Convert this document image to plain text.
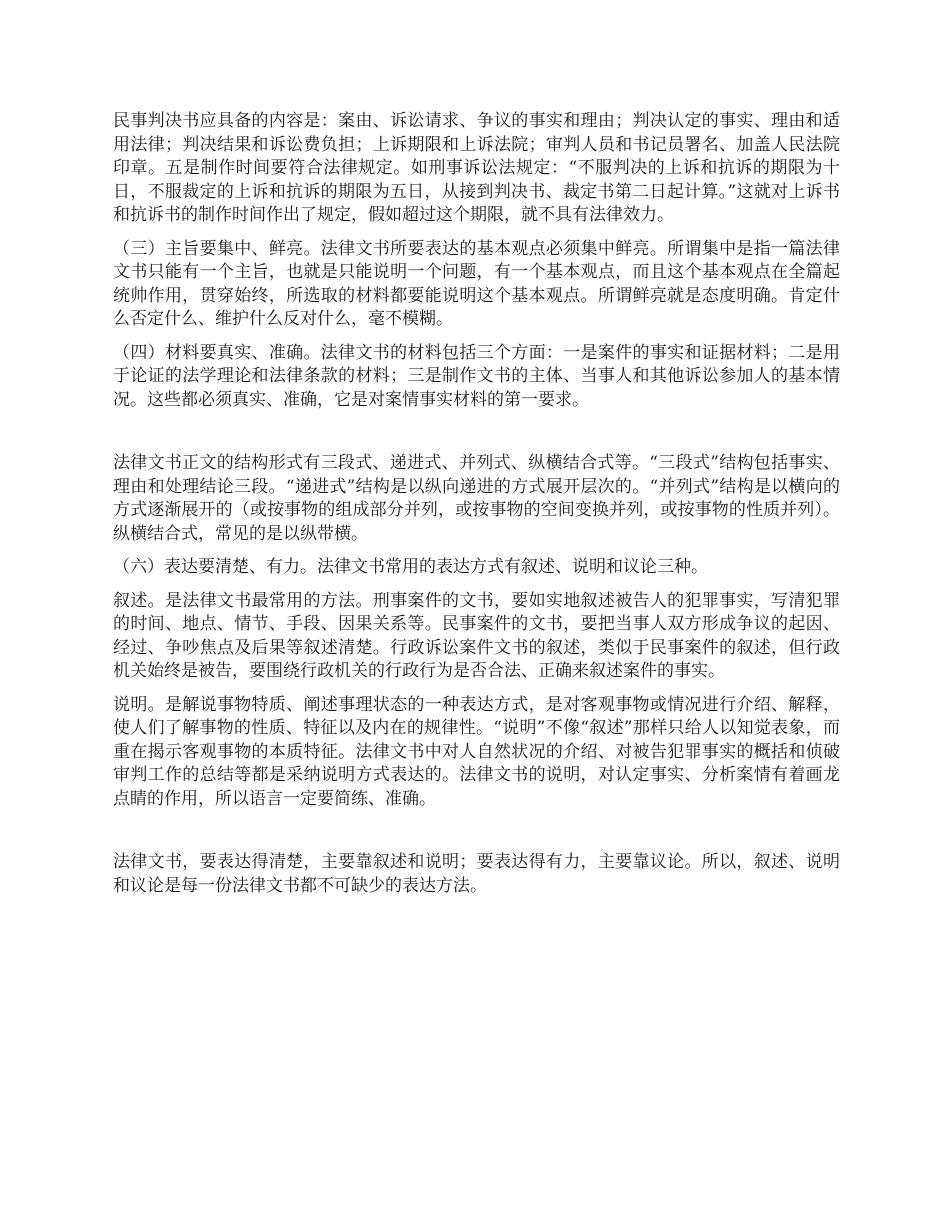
民事判决书应具备的内容是：案由、诉讼请求、争议的事实和理由；判决认定的事实、理由和适用法律；判决结果和诉讼费负担；上诉期限和上诉法院；审判人员和书记员署名、加盖人民法院印章。五是制作时间要符合法律规定。如刑事诉讼法规定：“不服判决的上诉和抗诉的期限为十日，不服裁定的上诉和抗诉的期限为五日，从接到判决书、裁定书第二日起计算。”这就对上诉书和抗诉书的制作时间作出了规定，假如超过这个期限，就不具有法律效力。

（三）主旨要集中、鲜亮。法律文书所要表达的基本观点必须集中鲜亮。所谓集中是指一篇法律文书只能有一个主旨，也就是只能说明一个问题，有一个基本观点，而且这个基本观点在全篇起统帅作用，贯穿始终，所选取的材料都要能说明这个基本观点。所谓鲜亮就是态度明确。肯定什么否定什么、维护什么反对什么，毫不模糊。

（四）材料要真实、准确。法律文书的材料包括三个方面：一是案件的事实和证据材料；二是用于论证的法学理论和法律条款的材料；三是制作文书的主体、当事人和其他诉讼参加人的基本情况。这些都必须真实、准确，它是对案情事实材料的第一要求。

法律文书正文的结构形式有三段式、递进式、并列式、纵横结合式等。“三段式”结构包括事实、理由和处理结论三段。“递进式”结构是以纵向递进的方式展开层次的。“并列式”结构是以横向的方式逐渐展开的（或按事物的组成部分并列，或按事物的空间变换并列，或按事物的性质并列）。纵横结合式，常见的是以纵带横。

（六）表达要清楚、有力。法律文书常用的表达方式有叙述、说明和议论三种。

叙述。是法律文书最常用的方法。刑事案件的文书，要如实地叙述被告人的犯罪事实，写清犯罪的时间、地点、情节、手段、因果关系等。民事案件的文书，要把当事人双方形成争议的起因、经过、争吵焦点及后果等叙述清楚。行政诉讼案件文书的叙述，类似于民事案件的叙述，但行政机关始终是被告，要围绕行政机关的行政行为是否合法、正确来叙述案件的事实。

说明。是解说事物特质、阐述事理状态的一种表达方式，是对客观事物或情况进行介绍、解释，使人们了解事物的性质、特征以及内在的规律性。“说明”不像“叙述”那样只给人以知觉表象，而重在揭示客观事物的本质特征。法律文书中对人自然状况的介绍、对被告犯罪事实的概括和侦破审判工作的总结等都是采纳说明方式表达的。法律文书的说明，对认定事实、分析案情有着画龙点睛的作用，所以语言一定要简练、准确。

法律文书，要表达得清楚，主要靠叙述和说明；要表达得有力，主要靠议论。所以，叙述、说明和议论是每一份法律文书都不可缺少的表达方法。
